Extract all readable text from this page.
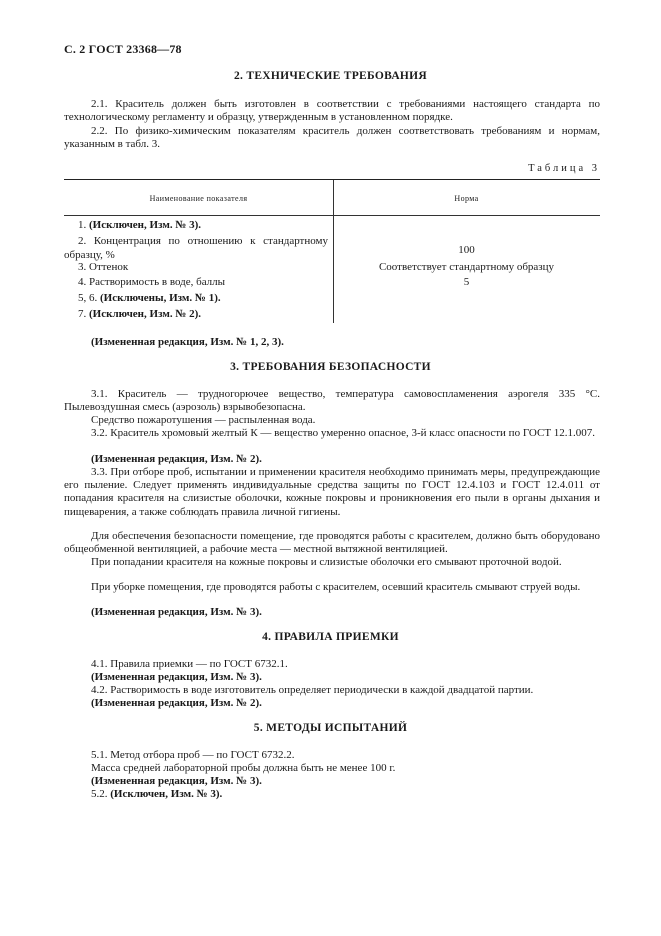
С. 2 ГОСТ 23368—78
2. ТЕХНИЧЕСКИЕ ТРЕБОВАНИЯ
2.1. Краситель должен быть изготовлен в соответствии с требованиями настоящего стандарта по технологическому регламенту и образцу, утвержденным в установленном порядке.
2.2. По физико-химическим показателям краситель должен соответствовать требованиям и нормам, указанным в табл. 3.
Таблица 3
Наименование показателя	Норма
1. (Исключен, Изм. № 3).
2. Концентрация по отношению к стандартному образцу, %	100
3. Оттенок	Соответствует стандартному образцу
4. Растворимость в воде, баллы	5
5, 6. (Исключены, Изм. № 1).
7. (Исключен, Изм. № 2).
(Измененная редакция, Изм. № 1, 2, 3).
3. ТРЕБОВАНИЯ БЕЗОПАСНОСТИ
3.1. Краситель — трудногорючее вещество, температура самовоспламенения аэрогеля 335 °С. Пылевоздушная смесь (аэрозоль) взрывобезопасна.
Средство пожаротушения — распыленная вода.
3.2. Краситель хромовый желтый К — вещество умеренно опасное, 3-й класс опасности по ГОСТ 12.1.007.
(Измененная редакция, Изм. № 2).
3.3. При отборе проб, испытании и применении красителя необходимо принимать меры, предупреждающие его пыление. Следует применять индивидуальные средства защиты по ГОСТ 12.4.103 и ГОСТ 12.4.011 от попадания красителя на слизистые оболочки, кожные покровы и проникновения его пыли в органы дыхания и пищеварения, а также соблюдать правила личной гигиены.
Для обеспечения безопасности помещение, где проводятся работы с красителем, должно быть оборудовано общеобменной вентиляцией, а рабочие места — местной вытяжной вентиляцией.
При попадании красителя на кожные покровы и слизистые оболочки его смывают проточной водой.
При уборке помещения, где проводятся работы с красителем, осевший краситель смывают струей воды.
(Измененная редакция, Изм. № 3).
4. ПРАВИЛА ПРИЕМКИ
4.1. Правила приемки — по ГОСТ 6732.1.
(Измененная редакция, Изм. № 3).
4.2. Растворимость в воде изготовитель определяет периодически в каждой двадцатой партии.
(Измененная редакция, Изм. № 2).
5. МЕТОДЫ ИСПЫТАНИЙ
5.1. Метод отбора проб — по ГОСТ 6732.2.
Масса средней лабораторной пробы должна быть не менее 100 г.
(Измененная редакция, Изм. № 3).
5.2. (Исключен, Изм. № 3).
